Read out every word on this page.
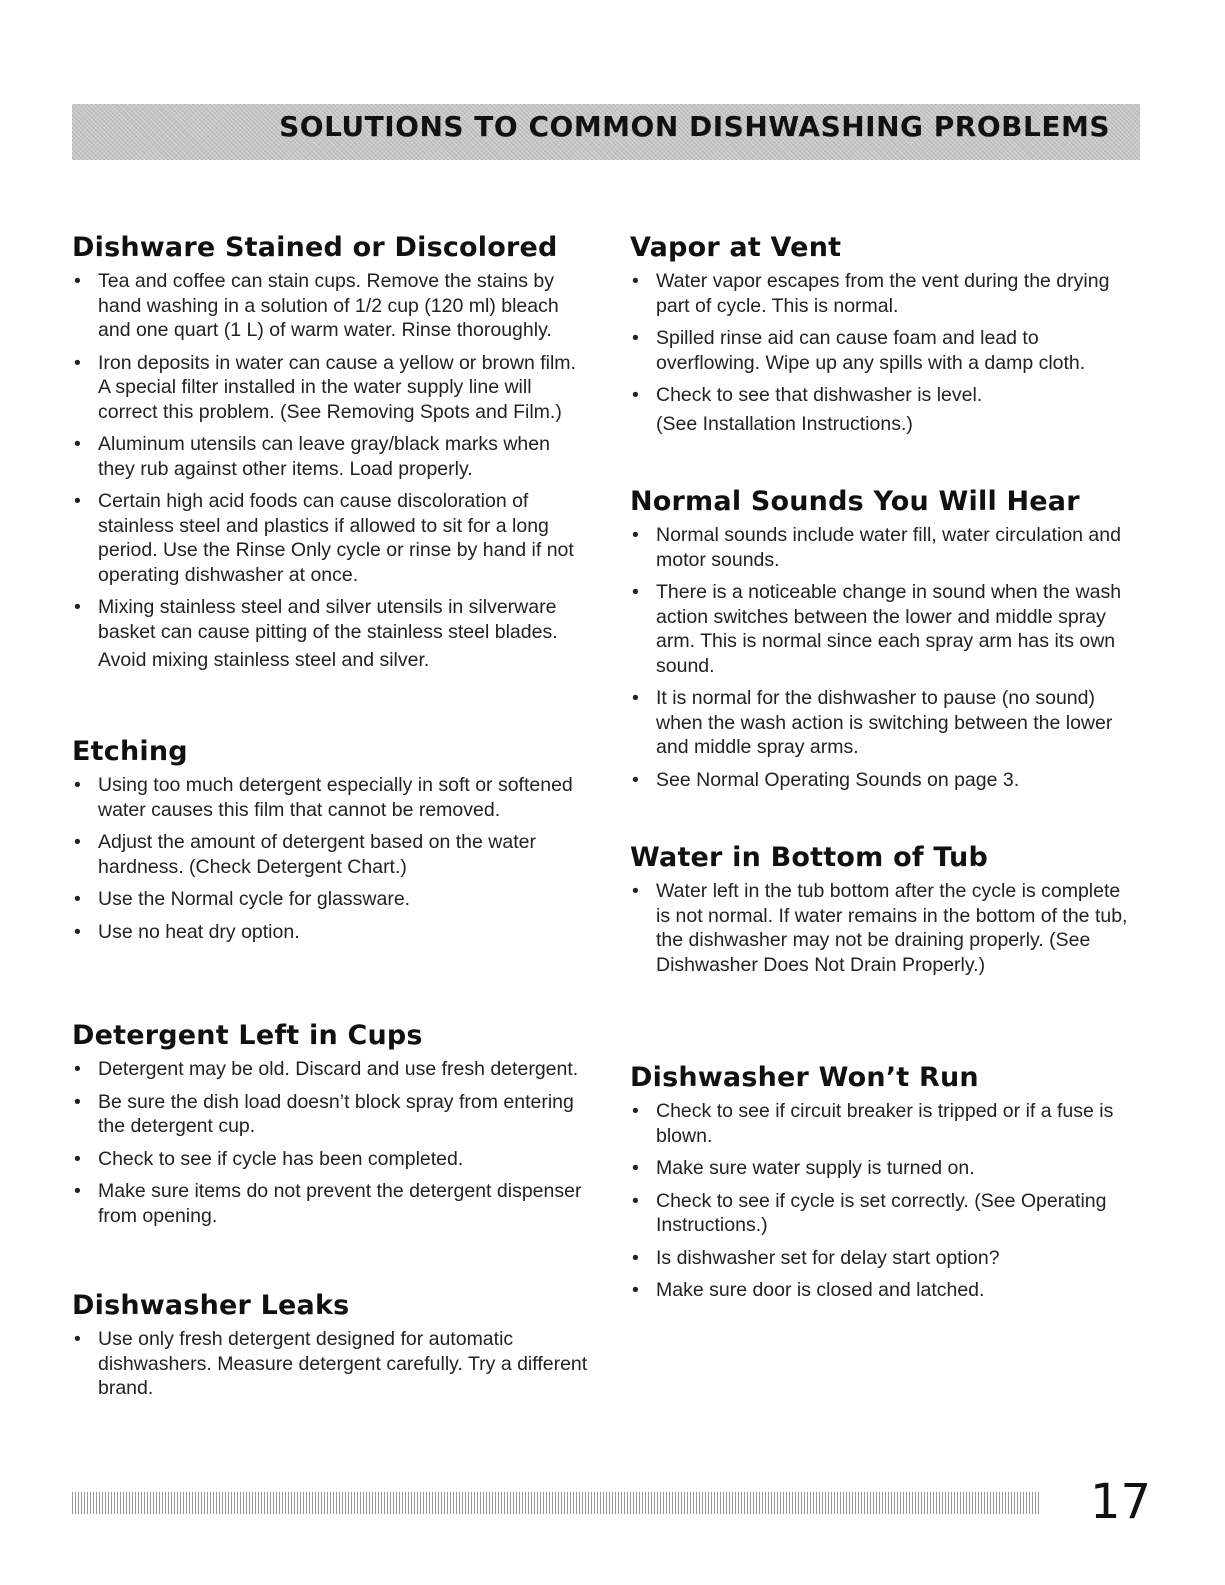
SOLUTIONS TO COMMON DISHWASHING PROBLEMS
Dishware Stained or Discolored
• Tea and coffee can stain cups. Remove the stains by hand washing in a solution of 1/2 cup (120 ml) bleach and one quart (1 L) of warm water. Rinse thoroughly.
• Iron deposits in water can cause a yellow or brown film. A special filter installed in the water supply line will correct this problem. (See Removing Spots and Film.)
• Aluminum utensils can leave gray/black marks when they rub against other items. Load properly.
• Certain high acid foods can cause discoloration of stainless steel and plastics if allowed to sit for a long period. Use the Rinse Only cycle or rinse by hand if not operating dishwasher at once.
• Mixing stainless steel and silver utensils in silverware basket can cause pitting of the stainless steel blades.
Avoid mixing stainless steel and silver.
Etching
• Using too much detergent especially in soft or softened water causes this film that cannot be removed.
• Adjust the amount of detergent based on the water hardness. (Check Detergent Chart.)
• Use the Normal cycle for glassware.
• Use no heat dry option.
Detergent Left in Cups
• Detergent may be old. Discard and use fresh detergent.
• Be sure the dish load doesn’t block spray from entering the detergent cup.
• Check to see if cycle has been completed.
• Make sure items do not prevent the detergent dispenser from opening.
Dishwasher Leaks
• Use only fresh detergent designed for automatic dishwashers. Measure detergent carefully. Try a different brand.
Vapor at Vent
• Water vapor escapes from the vent during the drying part of cycle. This is normal.
• Spilled rinse aid can cause foam and lead to overflowing. Wipe up any spills with a damp cloth.
• Check to see that dishwasher is level.
(See Installation Instructions.)
Normal Sounds You Will Hear
• Normal sounds include water fill, water circulation and motor sounds.
• There is a noticeable change in sound when the wash action switches between the lower and middle spray arm. This is normal since each spray arm has its own sound.
• It is normal for the dishwasher to pause (no sound) when the wash action is switching between the lower and middle spray arms.
• See Normal Operating Sounds on page 3.
Water in Bottom of Tub
• Water left in the tub bottom after the cycle is complete is not normal. If water remains in the bottom of the tub, the dishwasher may not be draining properly. (See Dishwasher Does Not Drain Properly.)
Dishwasher Won’t Run
• Check to see if circuit breaker is tripped or if a fuse is blown.
• Make sure water supply is turned on.
• Check to see if cycle is set correctly. (See Operating Instructions.)
• Is dishwasher set for delay start option?
• Make sure door is closed and latched.

17
